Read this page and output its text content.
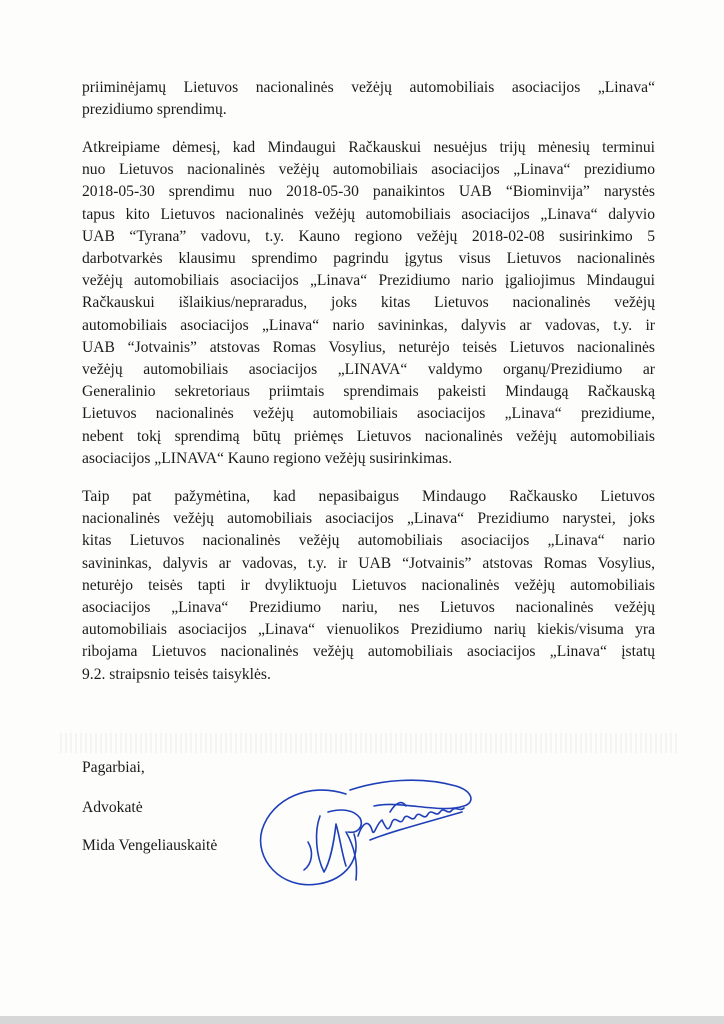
priiminėjamų Lietuvos nacionalinės vežėjų automobiliais asociacijos „Linava“
prezidiumo sprendimų.
Atkreipiame dėmesį, kad Mindaugui Račkauskui nesuėjus trijų mėnesių terminui
nuo Lietuvos nacionalinės vežėjų automobiliais asociacijos „Linava“ prezidiumo
2018-05-30 sprendimu nuo 2018-05-30 panaikintos UAB “Biominvija” narystės
tapus kito Lietuvos nacionalinės vežėjų automobiliais asociacijos „Linava“ dalyvio
UAB “Tyrana” vadovu, t.y. Kauno regiono vežėjų 2018-02-08 susirinkimo 5
darbotvarkės klausimu sprendimo pagrindu įgytus visus Lietuvos nacionalinės
vežėjų automobiliais asociacijos „Linava“ Prezidiumo nario įgaliojimus Mindaugui
Račkauskui išlaikius/nepraradus, joks kitas Lietuvos nacionalinės vežėjų
automobiliais asociacijos „Linava“ nario savininkas, dalyvis ar vadovas, t.y. ir
UAB “Jotvainis” atstovas Romas Vosylius, neturėjo teisės Lietuvos nacionalinės
vežėjų automobiliais asociacijos „LINAVA“ valdymo organų/Prezidiumo ar
Generalinio sekretoriaus priimtais sprendimais pakeisti Mindaugą Račkauską
Lietuvos nacionalinės vežėjų automobiliais asociacijos „Linava“ prezidiume,
nebent tokį sprendimą būtų priėmęs Lietuvos nacionalinės vežėjų automobiliais
asociacijos „LINAVA“ Kauno regiono vežėjų susirinkimas.
Taip pat pažymėtina, kad nepasibaigus Mindaugo Račkausko Lietuvos
nacionalinės vežėjų automobiliais asociacijos „Linava“ Prezidiumo narystei, joks
kitas Lietuvos nacionalinės vežėjų automobiliais asociacijos „Linava“ nario
savininkas, dalyvis ar vadovas, t.y. ir UAB “Jotvainis” atstovas Romas Vosylius,
neturėjo teisės tapti ir dvyliktuoju Lietuvos nacionalinės vežėjų automobiliais
asociacijos „Linava“ Prezidiumo nariu, nes Lietuvos nacionalinės vežėjų
automobiliais asociacijos „Linava“ vienuolikos Prezidiumo narių kiekis/visuma yra
ribojama Lietuvos nacionalinės vežėjų automobiliais asociacijos „Linava“ įstatų
9.2. straipsnio teisės taisyklės.
Pagarbiai,
Advokatė
Mida Vengeliauskaitė
